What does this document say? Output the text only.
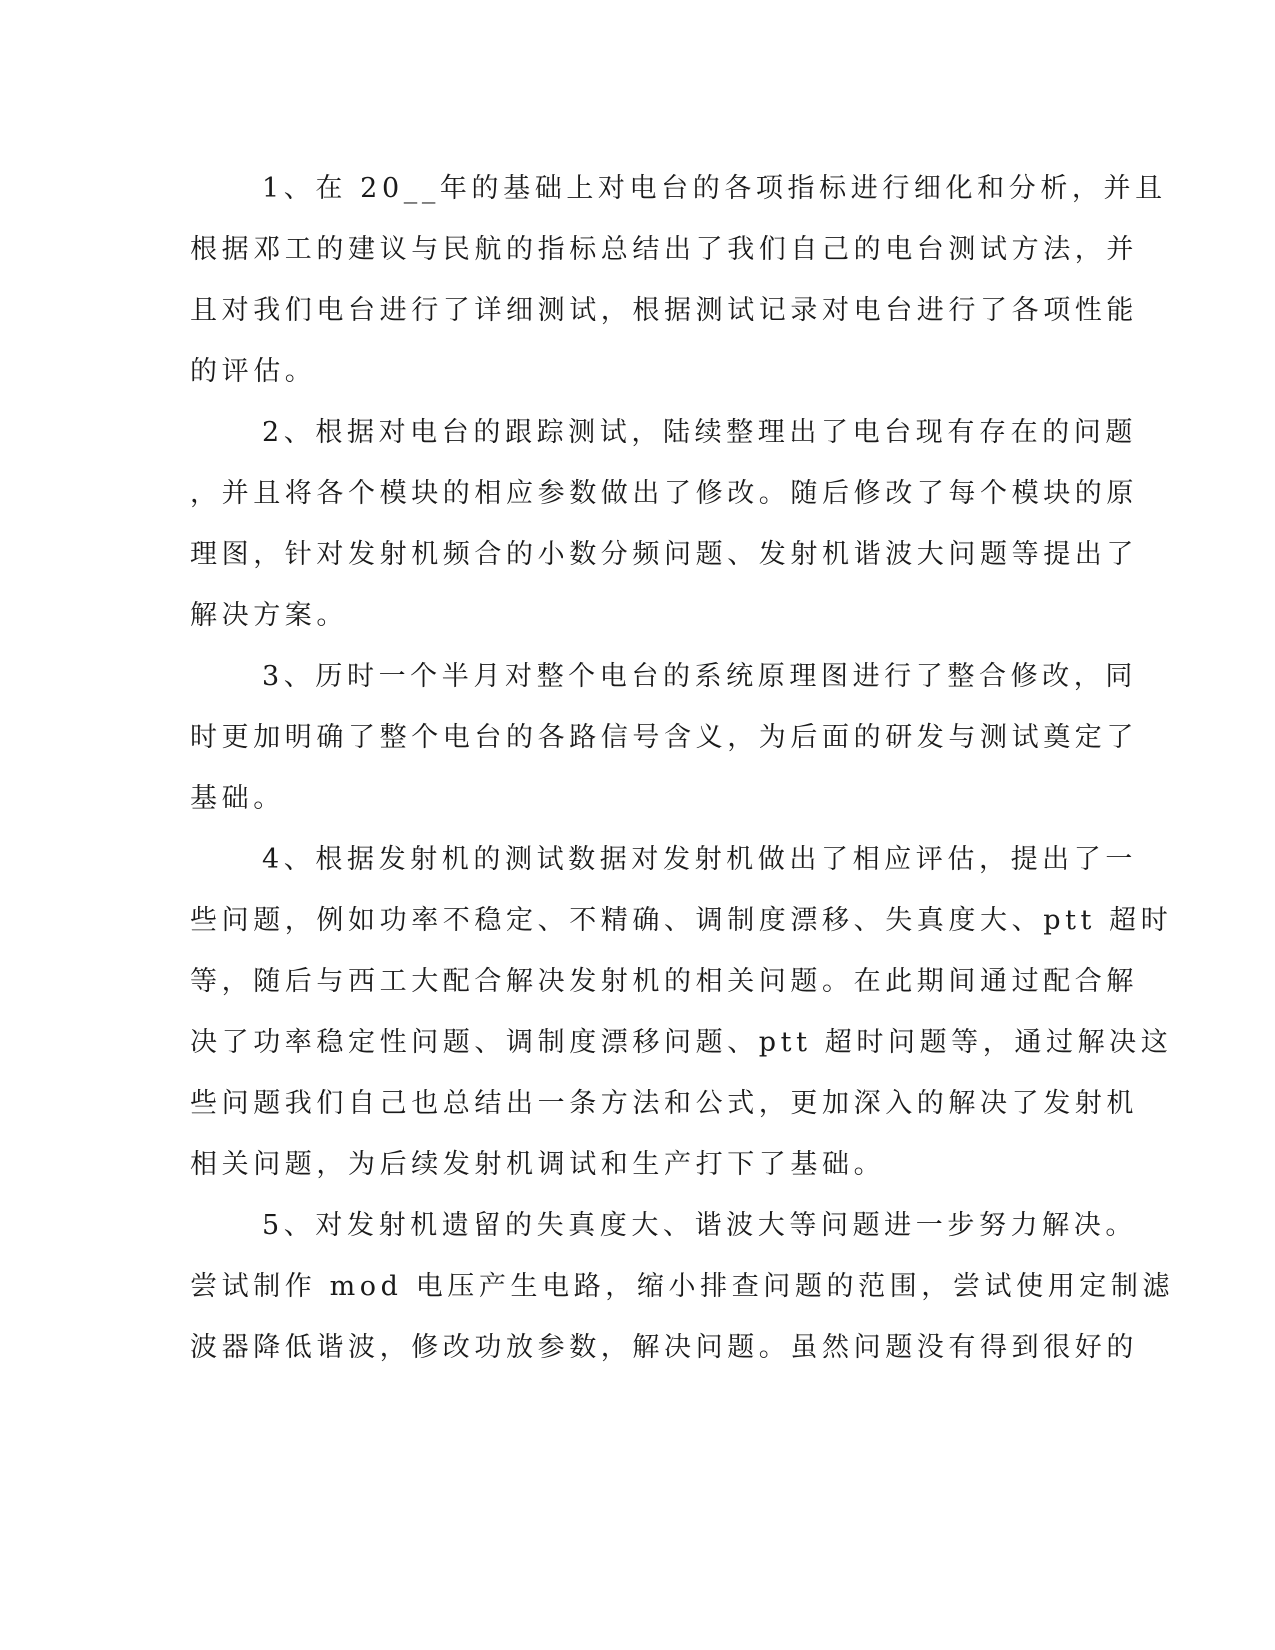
1、在 20__年的基础上对电台的各项指标进行细化和分析，并且
根据邓工的建议与民航的指标总结出了我们自己的电台测试方法，并
且对我们电台进行了详细测试，根据测试记录对电台进行了各项性能
的评估。
2、根据对电台的跟踪测试，陆续整理出了电台现有存在的问题
，并且将各个模块的相应参数做出了修改。随后修改了每个模块的原
理图，针对发射机频合的小数分频问题、发射机谐波大问题等提出了
解决方案。
3、历时一个半月对整个电台的系统原理图进行了整合修改，同
时更加明确了整个电台的各路信号含义，为后面的研发与测试奠定了
基础。
4、根据发射机的测试数据对发射机做出了相应评估，提出了一
些问题，例如功率不稳定、不精确、调制度漂移、失真度大、ptt 超时
等，随后与西工大配合解决发射机的相关问题。在此期间通过配合解
决了功率稳定性问题、调制度漂移问题、ptt 超时问题等，通过解决这
些问题我们自己也总结出一条方法和公式，更加深入的解决了发射机
相关问题，为后续发射机调试和生产打下了基础。
5、对发射机遗留的失真度大、谐波大等问题进一步努力解决。
尝试制作 mod 电压产生电路，缩小排查问题的范围，尝试使用定制滤
波器降低谐波，修改功放参数，解决问题。虽然问题没有得到很好的
